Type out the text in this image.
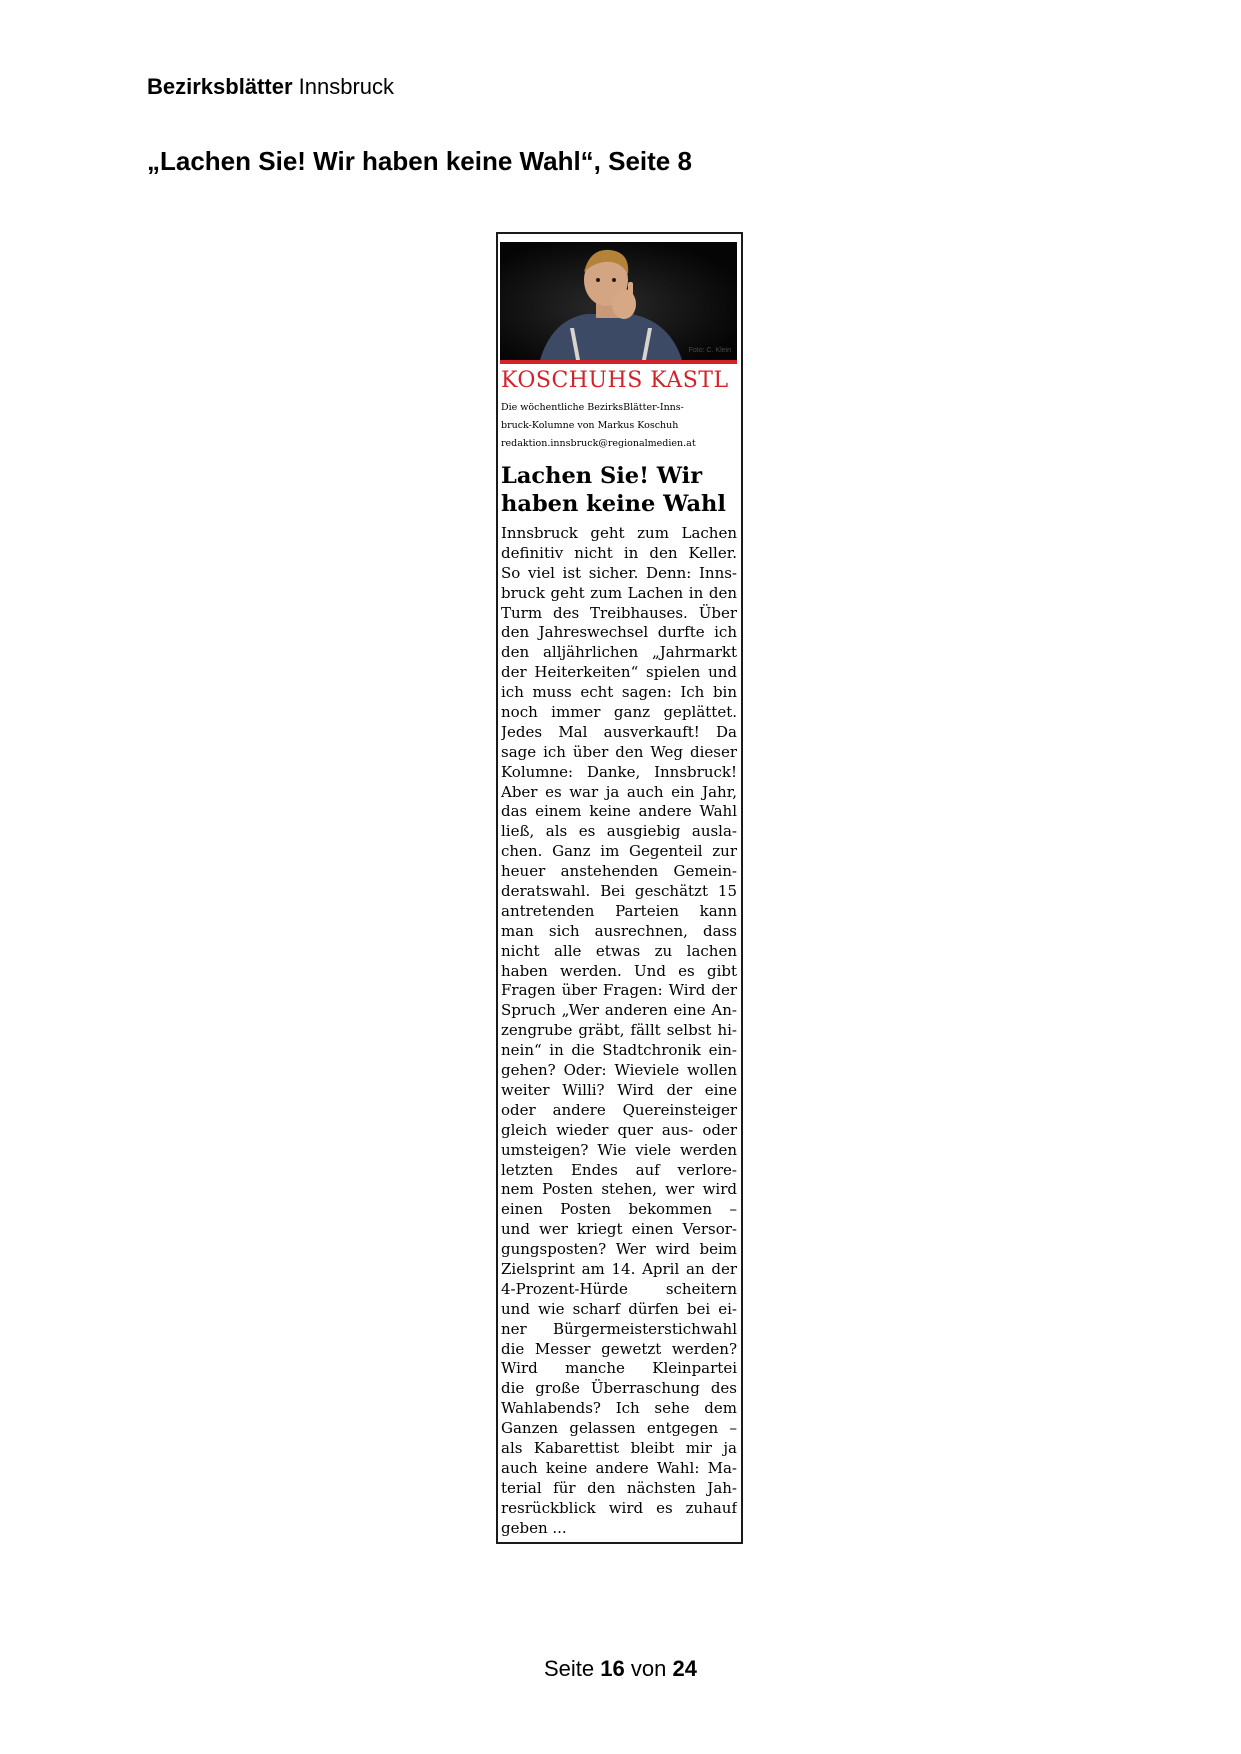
Bezirksblätter Innsbruck
„Lachen Sie! Wir haben keine Wahl“, Seite 8
Foto: C. Klein
KOSCHUHS KASTL
Die wöchentliche BezirksBlätter-Inns-
bruck-Kolumne von Markus Koschuh
redaktion.innsbruck@regionalmedien.at
Lachen Sie! Wir
haben keine Wahl
Innsbruck geht zum Lachen
definitiv nicht in den Keller.
So viel ist sicher. Denn: Inns-
bruck geht zum Lachen in den
Turm des Treibhauses. Über
den Jahreswechsel durfte ich
den alljährlichen „Jahrmarkt
der Heiterkeiten“ spielen und
ich muss echt sagen: Ich bin
noch immer ganz geplättet.
Jedes Mal ausverkauft! Da
sage ich über den Weg dieser
Kolumne: Danke, Innsbruck!
Aber es war ja auch ein Jahr,
das einem keine andere Wahl
ließ, als es ausgiebig ausla-
chen. Ganz im Gegenteil zur
heuer anstehenden Gemein-
deratswahl. Bei geschätzt 15
antretenden Parteien kann
man sich ausrechnen, dass
nicht alle etwas zu lachen
haben werden. Und es gibt
Fragen über Fragen: Wird der
Spruch „Wer anderen eine An-
zengrube gräbt, fällt selbst hi-
nein“ in die Stadtchronik ein-
gehen? Oder: Wieviele wollen
weiter Willi? Wird der eine
oder andere Quereinsteiger
gleich wieder quer aus- oder
umsteigen? Wie viele werden
letzten Endes auf verlore-
nem Posten stehen, wer wird
einen Posten bekommen –
und wer kriegt einen Versor-
gungsposten? Wer wird beim
Zielsprint am 14. April an der
4-Prozent-Hürde scheitern
und wie scharf dürfen bei ei-
ner Bürgermeisterstichwahl
die Messer gewetzt werden?
Wird manche Kleinpartei
die große Überraschung des
Wahlabends? Ich sehe dem
Ganzen gelassen entgegen –
als Kabarettist bleibt mir ja
auch keine andere Wahl: Ma-
terial für den nächsten Jah-
resrückblick wird es zuhauf
geben ...
Seite 16 von 24
